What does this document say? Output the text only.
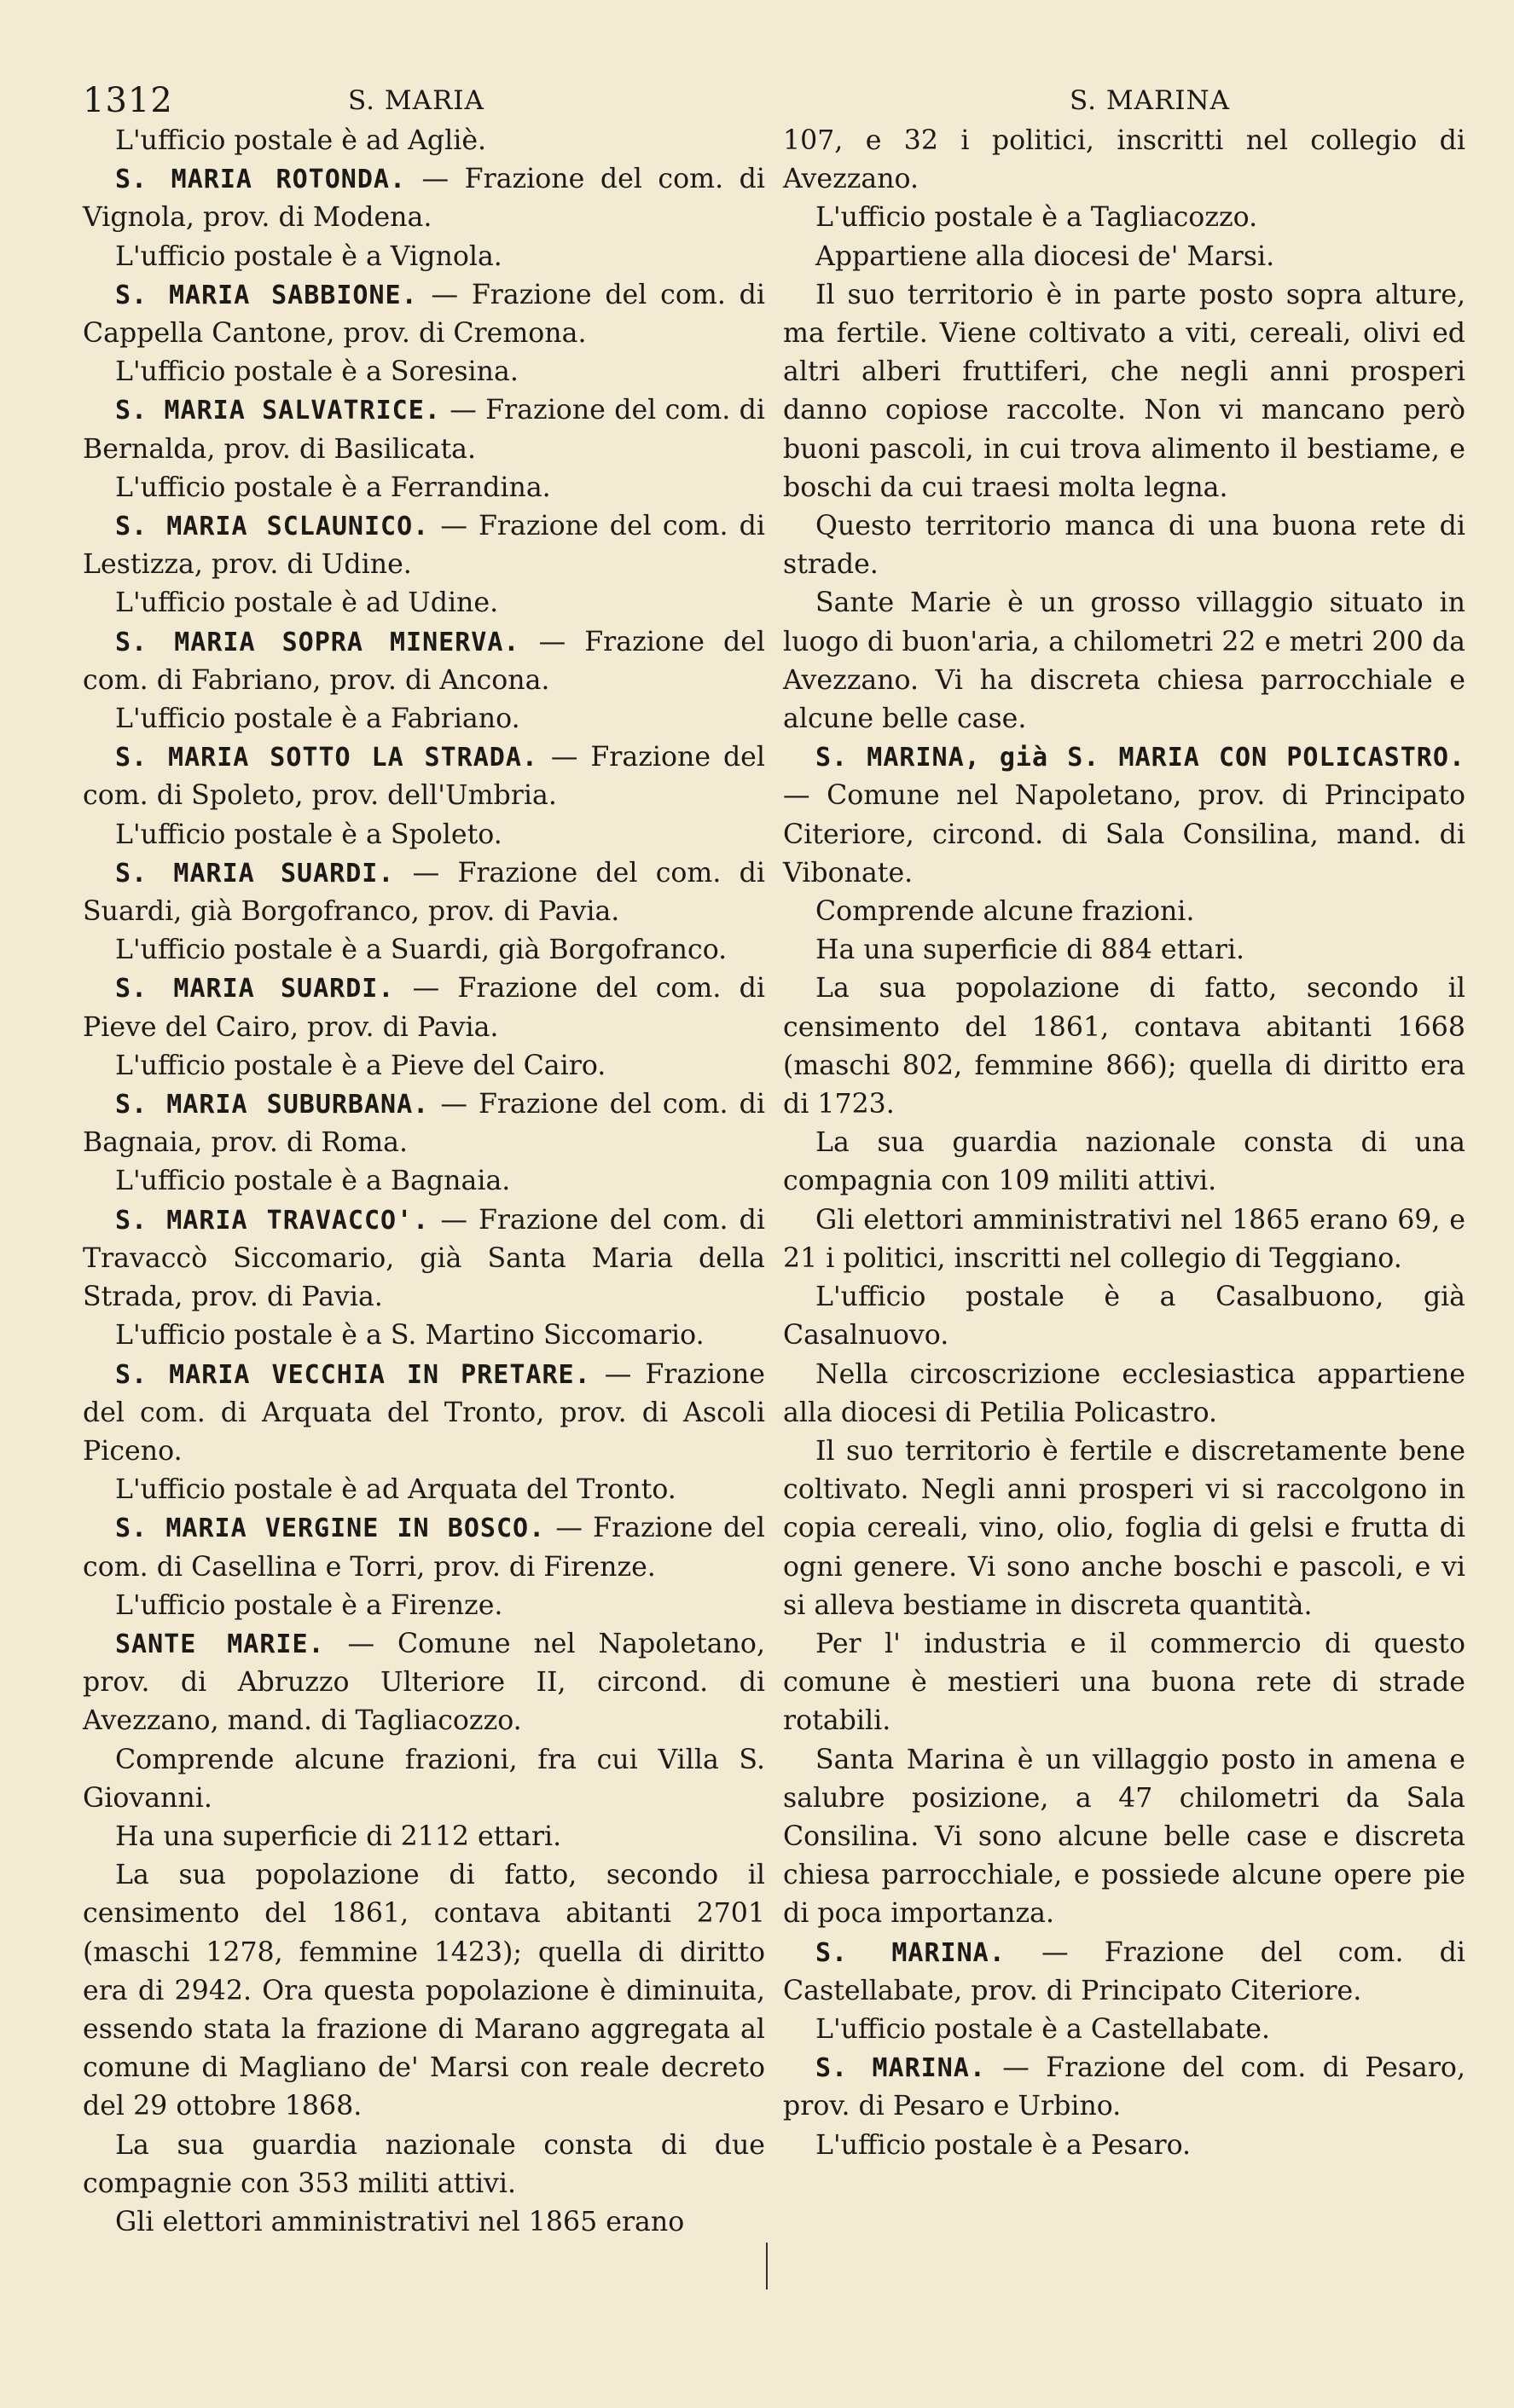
1312	S. MARIA	S. MARINA

L'ufficio postale è ad Agliè.

S. MARIA ROTONDA. — Frazione del com. di Vignola, prov. di Modena.

L'ufficio postale è a Vignola.

S. MARIA SABBIONE. — Frazione del com. di Cappella Cantone, prov. di Cremona.

L'ufficio postale è a Soresina.

S. MARIA SALVATRICE. — Frazione del com. di Bernalda, prov. di Basilicata.

L'ufficio postale è a Ferrandina.

S. MARIA SCLAUNICO. — Frazione del com. di Lestizza, prov. di Udine.

L'ufficio postale è ad Udine.

S. MARIA SOPRA MINERVA. — Frazione del com. di Fabriano, prov. di Ancona.

L'ufficio postale è a Fabriano.

S. MARIA SOTTO LA STRADA. — Frazione del com. di Spoleto, prov. dell'Umbria.

L'ufficio postale è a Spoleto.

S. MARIA SUARDI. — Frazione del com. di Suardi, già Borgofranco, prov. di Pavia.

L'ufficio postale è a Suardi, già Borgofranco.

S. MARIA SUARDI. — Frazione del com. di Pieve del Cairo, prov. di Pavia.

L'ufficio postale è a Pieve del Cairo.

S. MARIA SUBURBANA. — Frazione del com. di Bagnaia, prov. di Roma.

L'ufficio postale è a Bagnaia.

S. MARIA TRAVACCO'. — Frazione del com. di Travaccò Siccomario, già Santa Maria della Strada, prov. di Pavia.

L'ufficio postale è a S. Martino Siccomario.

S. MARIA VECCHIA IN PRETARE. — Frazione del com. di Arquata del Tronto, prov. di Ascoli Piceno.

L'ufficio postale è ad Arquata del Tronto.

S. MARIA VERGINE IN BOSCO. — Frazione del com. di Casellina e Torri, prov. di Firenze.

L'ufficio postale è a Firenze.

SANTE MARIE. — Comune nel Napoletano, prov. di Abruzzo Ulteriore II, circond. di Avezzano, mand. di Tagliacozzo.

Comprende alcune frazioni, fra cui Villa S. Giovanni.

Ha una superficie di 2112 ettari.

La sua popolazione di fatto, secondo il censimento del 1861, contava abitanti 2701 (maschi 1278, femmine 1423); quella di diritto era di 2942. Ora questa popolazione è diminuita, essendo stata la frazione di Marano aggregata al comune di Magliano de' Marsi con reale decreto del 29 ottobre 1868.

La sua guardia nazionale consta di due compagnie con 353 militi attivi.

Gli elettori amministrativi nel 1865 erano

107, e 32 i politici, inscritti nel collegio di Avezzano.

L'ufficio postale è a Tagliacozzo.

Appartiene alla diocesi de' Marsi.

Il suo territorio è in parte posto sopra alture, ma fertile. Viene coltivato a viti, cereali, olivi ed altri alberi fruttiferi, che negli anni prosperi danno copiose raccolte. Non vi mancano però buoni pascoli, in cui trova alimento il bestiame, e boschi da cui traesi molta legna.

Questo territorio manca di una buona rete di strade.

Sante Marie è un grosso villaggio situato in luogo di buon'aria, a chilometri 22 e metri 200 da Avezzano. Vi ha discreta chiesa parrocchiale e alcune belle case.

S. MARINA, già S. MARIA CON POLICASTRO. — Comune nel Napoletano, prov. di Principato Citeriore, circond. di Sala Consilina, mand. di Vibonate.

Comprende alcune frazioni.

Ha una superficie di 884 ettari.

La sua popolazione di fatto, secondo il censimento del 1861, contava abitanti 1668 (maschi 802, femmine 866); quella di diritto era di 1723.

La sua guardia nazionale consta di una compagnia con 109 militi attivi.

Gli elettori amministrativi nel 1865 erano 69, e 21 i politici, inscritti nel collegio di Teggiano.

L'ufficio postale è a Casalbuono, già Casalnuovo.

Nella circoscrizione ecclesiastica appartiene alla diocesi di Petilia Policastro.

Il suo territorio è fertile e discretamente bene coltivato. Negli anni prosperi vi si raccolgono in copia cereali, vino, olio, foglia di gelsi e frutta di ogni genere. Vi sono anche boschi e pascoli, e vi si alleva bestiame in discreta quantità.

Per l' industria e il commercio di questo comune è mestieri una buona rete di strade rotabili.

Santa Marina è un villaggio posto in amena e salubre posizione, a 47 chilometri da Sala Consilina. Vi sono alcune belle case e discreta chiesa parrocchiale, e possiede alcune opere pie di poca importanza.

S. MARINA. — Frazione del com. di Castellabate, prov. di Principato Citeriore.

L'ufficio postale è a Castellabate.

S. MARINA. — Frazione del com. di Pesaro, prov. di Pesaro e Urbino.

L'ufficio postale è a Pesaro.
